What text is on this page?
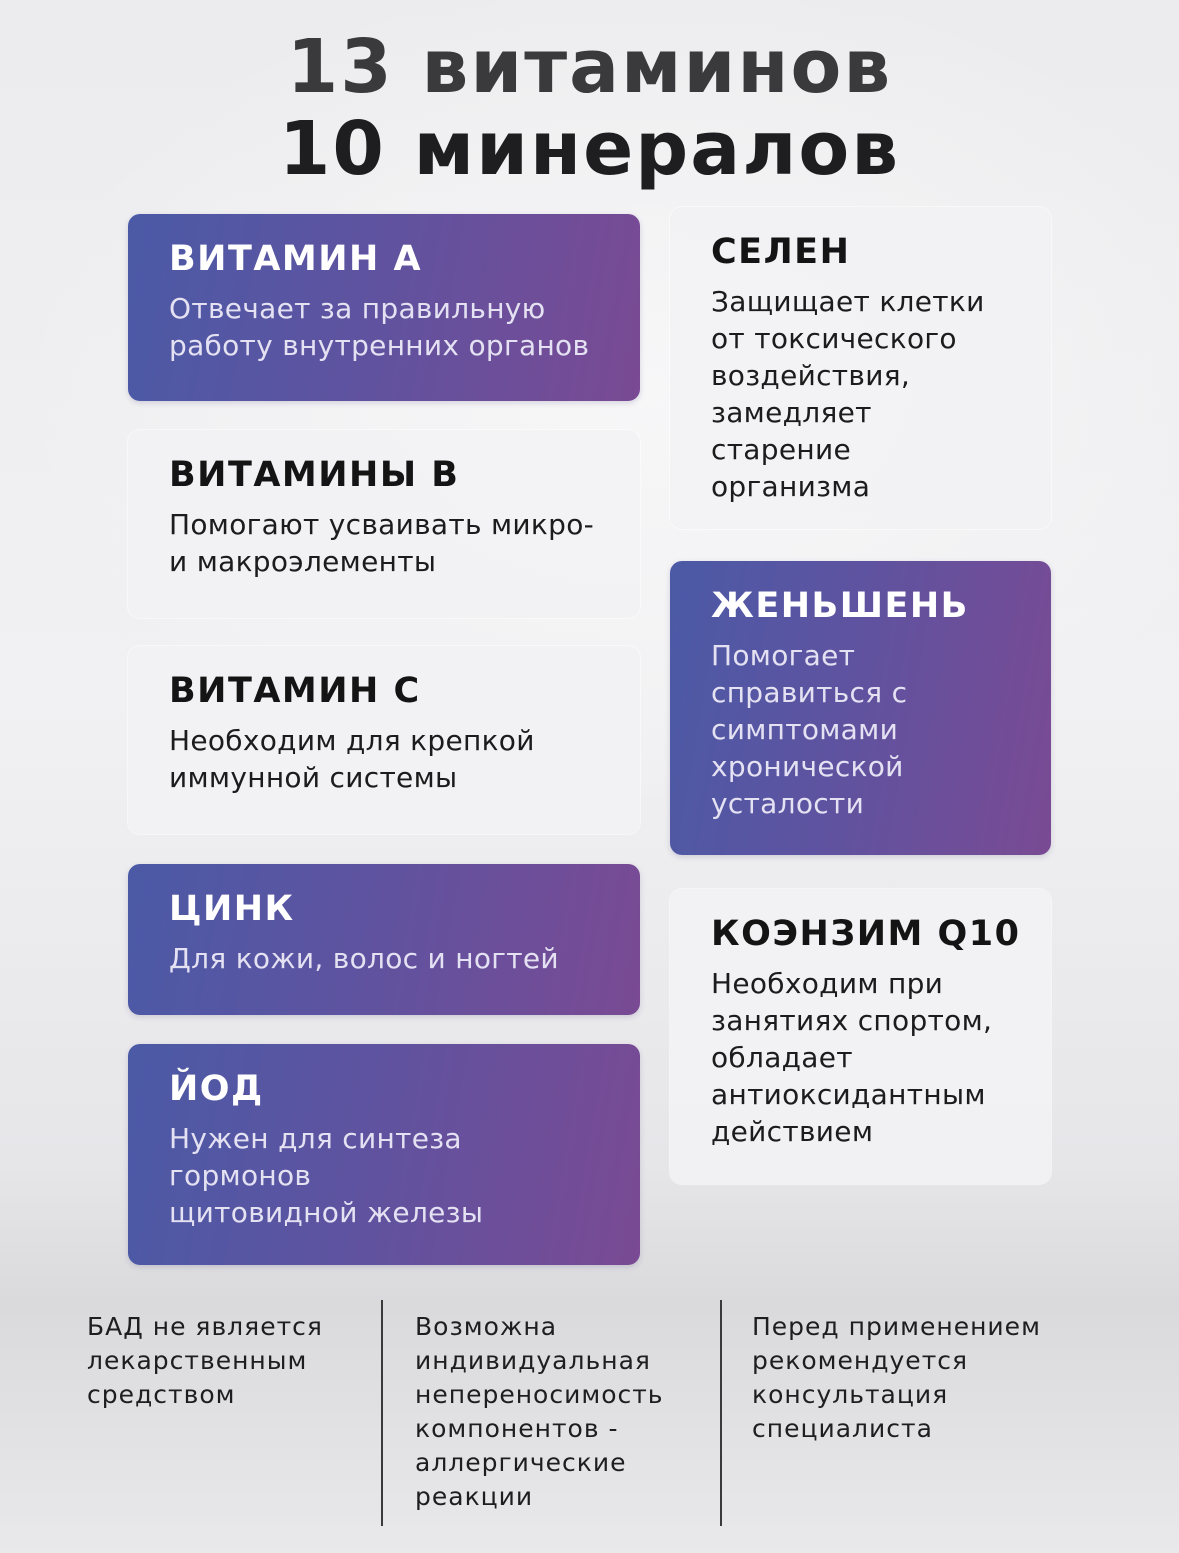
13 витаминов
10 минералов
ВИТАМИН А

Отвечает за правильную
работу внутренних органов

ВИТАМИНЫ В

Помогают усваивать микро-
и макроэлементы

ВИТАМИН С

Необходим для крепкой
иммунной системы

ЦИНК

Для кожи, волос и ногтей

ЙОД

Нужен для синтеза
гормонов
щитовидной железы

СЕЛЕН

Защищает клетки
от токсического
воздействия,
замедляет
старение
организма

ЖЕНЬШЕНЬ

Помогает
справиться с
симптомами
хронической
усталости

КОЭНЗИМ Q10

Необходим при
занятиях спортом,
обладает
антиоксидантным
действием

БАД не является
лекарственным
средством
Возможна
индивидуальная
непереносимость
компонентов -
аллергические
реакции
Перед применением
рекомендуется
консультация
специалиста
